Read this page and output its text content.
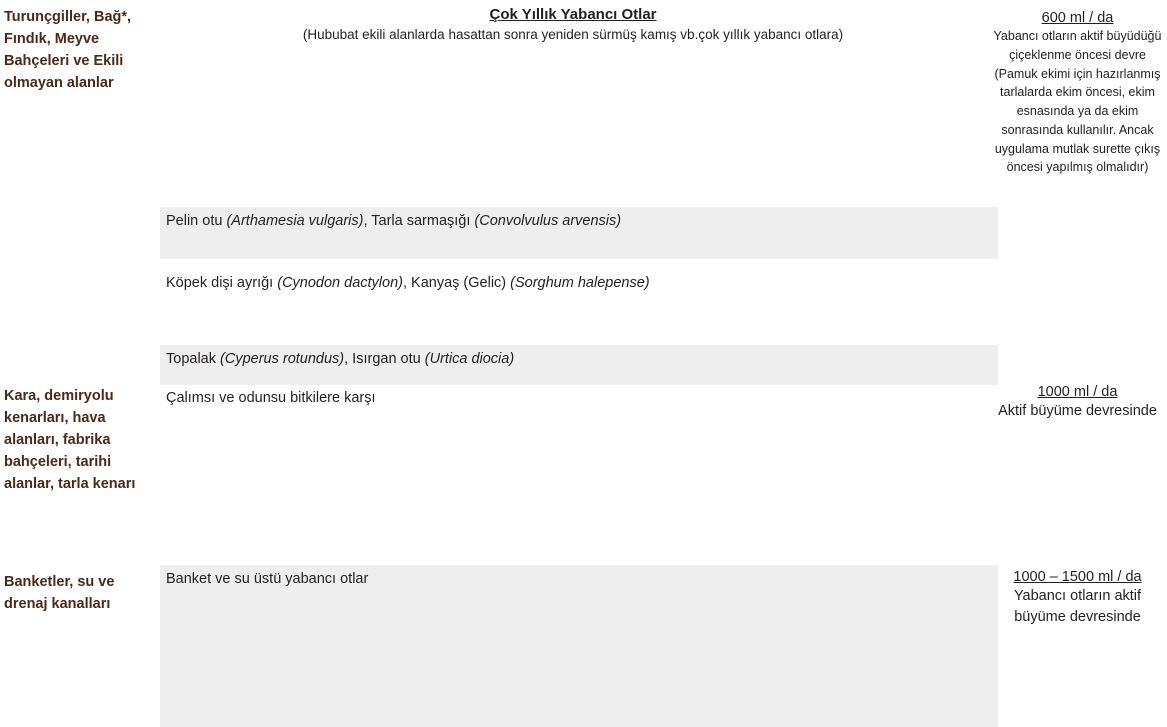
Çok Yıllık Yabancı Otlar
(Hububat ekili alanlarda hasattan sonra yeniden sürmüş kamış vb.çok yıllık yabancı otlara)
Turunçgiller, Bağ*, Fındık, Meyve Bahçeleri ve Ekili olmayan alanlar
600 ml / da
Yabancı otların aktif büyüdüğü çiçeklenme öncesi devre (Pamuk ekimi için hazırlanmış tarlalarda ekim öncesi, ekim esnasında ya da ekim sonrasında kullanılır. Ancak uygulama mutlak surette çıkış öncesi yapılmış olmalıdır)
Pelin otu (Arthamesia vulgaris), Tarla sarmaşığı (Convolvulus arvensis)
Köpek dişi ayrığı (Cynodon dactylon), Kanyaş (Gelic) (Sorghum halepense)
Topalak (Cyperus rotundus), Isırgan otu (Urtica diocia)
Kara, demiryolu kenarları, hava alanları, fabrika bahçeleri, tarihi alanlar, tarla kenarı
Çalımsı ve odunsu bitkilere karşı	1000 ml / da
Aktif büyüme devresinde
Banketler, su ve drenaj kanalları
Banket ve su üstü yabancı otlar	1000 – 1500 ml / da
Yabancı otların aktif büyüme devresinde
